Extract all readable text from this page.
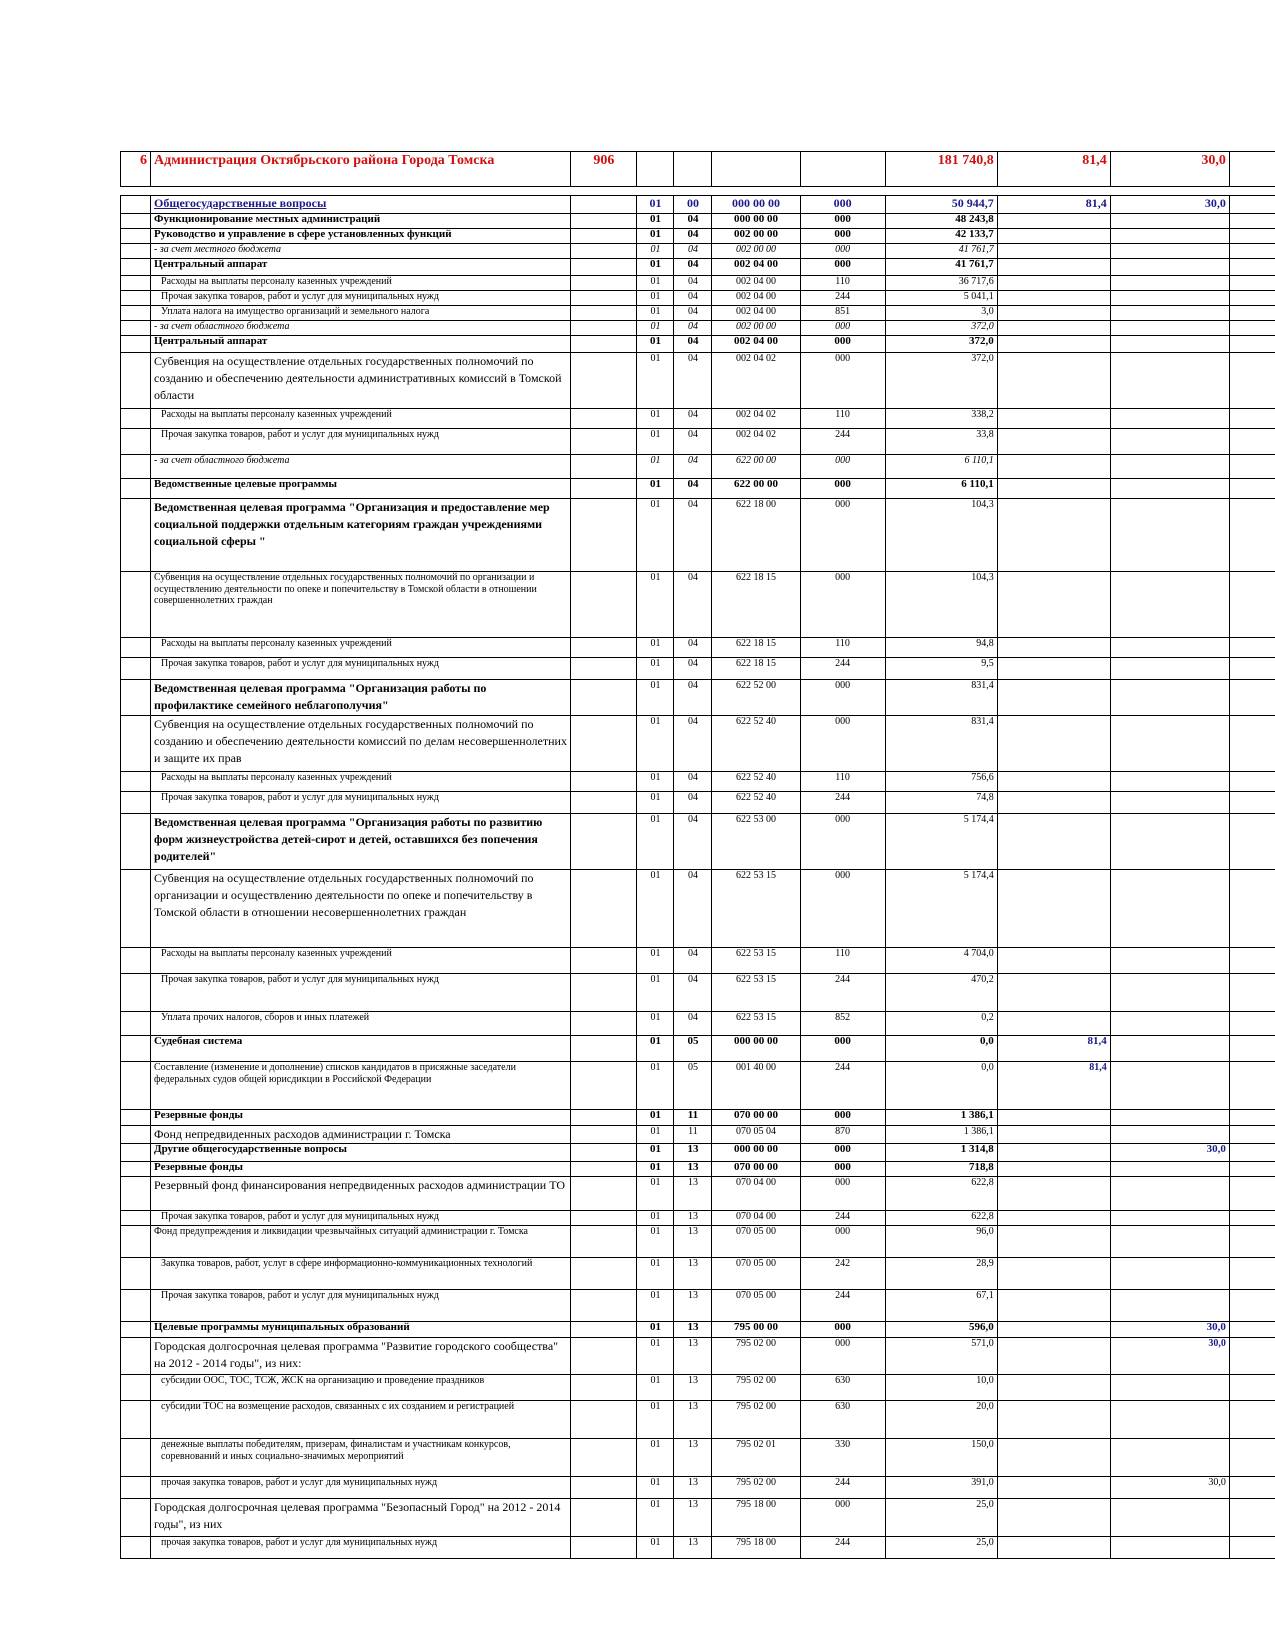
6	Администрация Октябрьского района Города Томска	906					181 740,8	81,4	30,0	

	Общегосударственные вопросы		01	00	000 00 00	000	50 944,7	81,4	30,0	
	Функционирование местных администраций		01	04	000 00 00	000	48 243,8			
	Руководство и управление в сфере установленных функций		01	04	002 00 00	000	42 133,7			
	- за счет местного бюджета		01	04	002 00 00	000	41 761,7			
	Центральный аппарат		01	04	002 04 00	000	41 761,7			
	Расходы на выплаты персоналу казенных учреждений		01	04	002 04 00	110	36 717,6			
	Прочая закупка товаров, работ и услуг для муниципальных нужд		01	04	002 04 00	244	5 041,1			
	Уплата налога на имущество организаций и земельного налога		01	04	002 04 00	851	3,0			
	- за счет областного бюджета		01	04	002 00 00	000	372,0			
	Центральный аппарат		01	04	002 04 00	000	372,0			
	Субвенция на осуществление отдельных государственных полномочий по созданию и обеспечению деятельности административных комиссий в Томской области		01	04	002 04 02	000	372,0			
	Расходы на выплаты персоналу казенных учреждений		01	04	002 04 02	110	338,2			
	Прочая закупка товаров, работ и услуг для муниципальных нужд		01	04	002 04 02	244	33,8			
	- за счет областного бюджета		01	04	622 00 00	000	6 110,1			
	Ведомственные целевые программы		01	04	622 00 00	000	6 110,1			
	Ведомственная целевая программа "Организация и предоставление мер социальной поддержки отдельным категориям граждан учреждениями социальной сферы "		01	04	622 18 00	000	104,3			
	Субвенция на осуществление отдельных государственных полномочий по организации и осуществлению деятельности по опеке и попечительству в Томской области в отношении совершеннолетних граждан		01	04	622 18 15	000	104,3			
	Расходы на выплаты персоналу казенных учреждений		01	04	622 18 15	110	94,8			
	Прочая закупка товаров, работ и услуг для муниципальных нужд		01	04	622 18 15	244	9,5			
	Ведомственная целевая программа "Организация работы по профилактике семейного неблагополучия"		01	04	622 52 00	000	831,4			
	Субвенция на осуществление отдельных государственных полномочий по созданию и обеспечению деятельности комиссий по делам несовершеннолетних и защите их прав		01	04	622 52 40	000	831,4			
	Расходы на выплаты персоналу казенных учреждений		01	04	622 52 40	110	756,6			
	Прочая закупка товаров, работ и услуг для муниципальных нужд		01	04	622 52 40	244	74,8			
	Ведомственная целевая программа "Организация работы по развитию форм жизнеустройства детей-сирот и детей, оставшихся без попечения родителей"		01	04	622 53 00	000	5 174,4			
	Субвенция на осуществление отдельных государственных полномочий по организации и осуществлению деятельности по опеке и попечительству в Томской области в отношении несовершеннолетних граждан		01	04	622 53 15	000	5 174,4			
	Расходы на выплаты персоналу казенных учреждений		01	04	622 53 15	110	4 704,0			
	Прочая закупка товаров, работ и услуг для муниципальных нужд		01	04	622 53 15	244	470,2			
	Уплата прочих налогов, сборов и иных платежей		01	04	622 53 15	852	0,2			
	Судебная система		01	05	000 00 00	000	0,0	81,4		
	Составление (изменение и дополнение) списков кандидатов в присяжные заседатели федеральных судов общей юрисдикции в Российской Федерации		01	05	001 40 00	244	0,0	81,4		
	Резервные фонды		01	11	070 00 00	000	1 386,1			
	Фонд непредвиденных расходов администрации г. Томска		01	11	070 05 04	870	1 386,1			
	Другие общегосударственные вопросы		01	13	000 00 00	000	1 314,8		30,0	
	Резервные фонды		01	13	070 00 00	000	718,8			
	Резервный фонд финансирования непредвиденных расходов администрации ТО		01	13	070 04 00	000	622,8			
	Прочая закупка товаров, работ и услуг для муниципальных нужд		01	13	070 04 00	244	622,8			
	Фонд предупреждения и ликвидации чрезвычайных ситуаций администрации г. Томска		01	13	070 05 00	000	96,0			
	Закупка товаров, работ, услуг в сфере информационно-коммуникационных технологий		01	13	070 05 00	242	28,9			
	Прочая закупка товаров, работ и услуг для муниципальных нужд		01	13	070 05 00	244	67,1			
	Целевые программы муниципальных образований		01	13	795 00 00	000	596,0		30,0	
	Городская долгосрочная целевая программа "Развитие городского сообщества" на 2012 - 2014 годы", из них:		01	13	795 02 00	000	571,0		30,0	
	субсидии ООС, ТОС, ТСЖ, ЖСК на организацию и проведение праздников		01	13	795 02 00	630	10,0			
	субсидии ТОС на возмещение расходов, связанных с их созданием и регистрацией		01	13	795 02 00	630	20,0			
	денежные выплаты победителям, призерам, финалистам и участникам конкурсов, соревнований и иных социально-значимых мероприятий		01	13	795 02 01	330	150,0			
	прочая закупка товаров, работ и услуг для муниципальных нужд		01	13	795 02 00	244	391,0		30,0	
	Городская долгосрочная целевая программа "Безопасный Город" на 2012 - 2014 годы", из них		01	13	795 18 00	000	25,0			
	прочая закупка товаров, работ и услуг для муниципальных нужд		01	13	795 18 00	244	25,0			
